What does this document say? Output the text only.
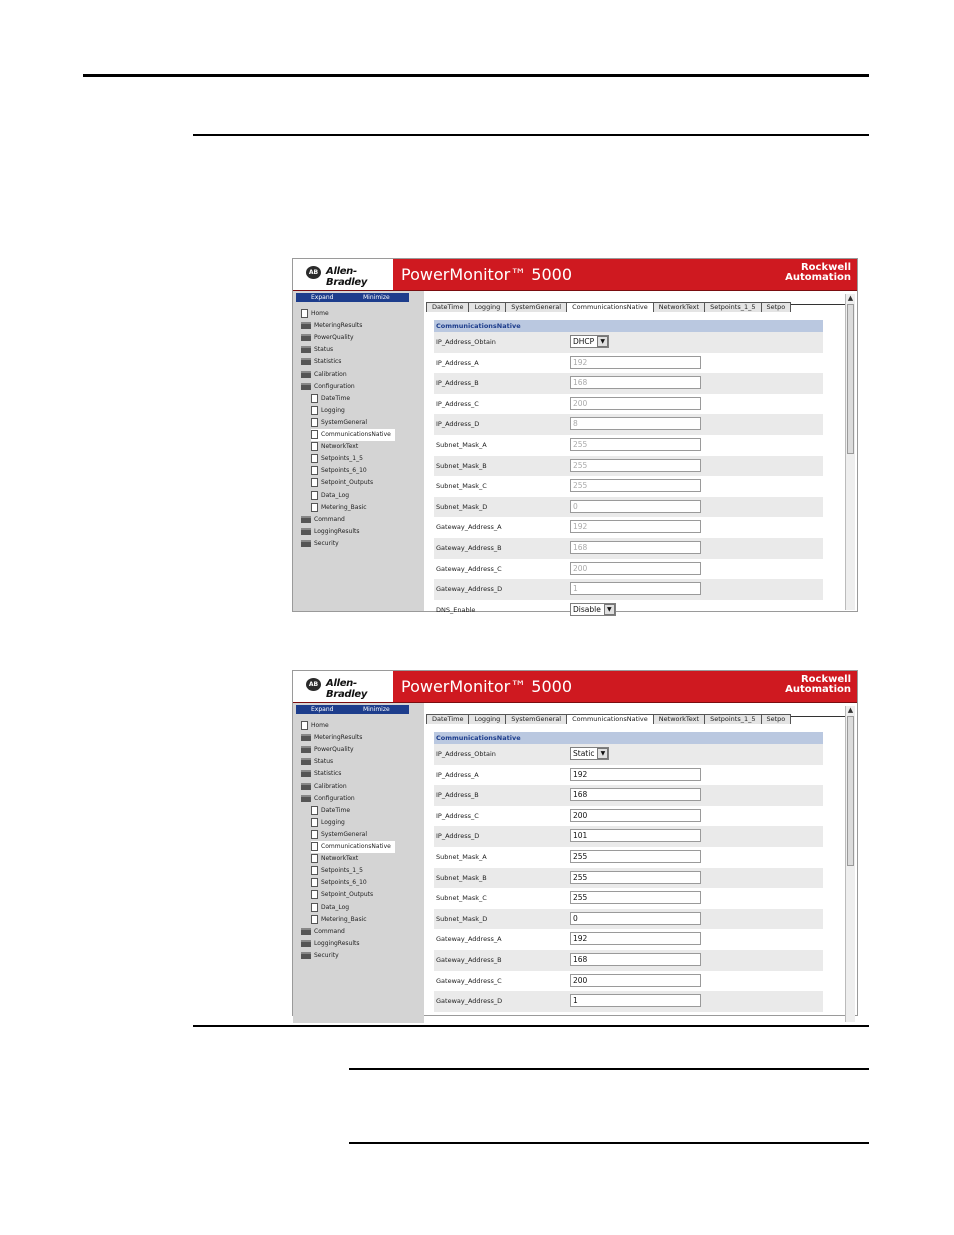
AB Allen-Bradley	PowerMonitor™ 5000	Rockwell
Automation
Expand	Minimize
Home
MeteringResults
PowerQuality
Status
Statistics
Calibration
Configuration
DateTime
Logging
SystemGeneral
CommunicationsNative
NetworkText
Setpoints_1_5
Setpoints_6_10
Setpoint_Outputs
Data_Log
Metering_Basic
Command
LoggingResults
Security
DateTime Logging SystemGeneral CommunicationsNative NetworkText Setpoints_1_5 Setpo
▲
CommunicationsNative
IP_Address_Obtain	DHCP ▼
IP_Address_A	192
IP_Address_B	168
IP_Address_C	200
IP_Address_D	8
Subnet_Mask_A	255
Subnet_Mask_B	255
Subnet_Mask_C	255
Subnet_Mask_D	0
Gateway_Address_A	192
Gateway_Address_B	168
Gateway_Address_C	200
Gateway_Address_D	1
DNS_Enable	Disable ▼
AB Allen-Bradley	PowerMonitor™ 5000	Rockwell
Automation
Expand	Minimize
Home
MeteringResults
PowerQuality
Status
Statistics
Calibration
Configuration
DateTime
Logging
SystemGeneral
CommunicationsNative
NetworkText
Setpoints_1_5
Setpoints_6_10
Setpoint_Outputs
Data_Log
Metering_Basic
Command
LoggingResults
Security
DateTime Logging SystemGeneral CommunicationsNative NetworkText Setpoints_1_5 Setpo
▲
CommunicationsNative
IP_Address_Obtain	Static ▼
IP_Address_A	192
IP_Address_B	168
IP_Address_C	200
IP_Address_D	101
Subnet_Mask_A	255
Subnet_Mask_B	255
Subnet_Mask_C	255
Subnet_Mask_D	0
Gateway_Address_A	192
Gateway_Address_B	168
Gateway_Address_C	200
Gateway_Address_D	1
